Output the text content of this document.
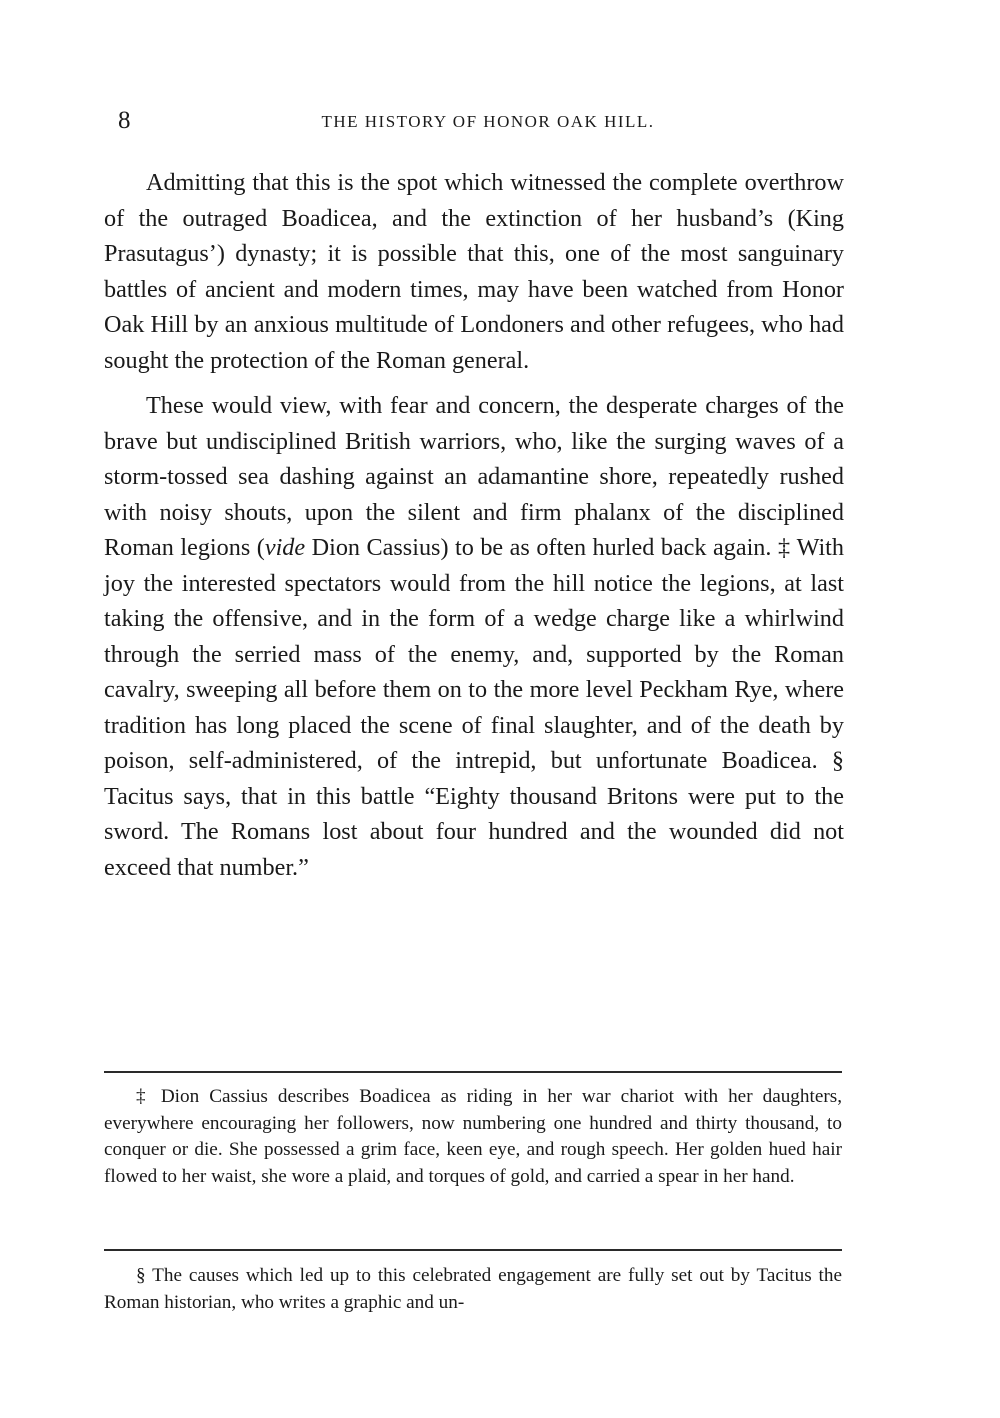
8	THE HISTORY OF HONOR OAK HILL.

Admitting that this is the spot which witnessed the complete overthrow of the outraged Boadicea, and the extinction of her husband’s (King Prasutagus’) dynasty; it is possible that this, one of the most sanguinary battles of ancient and modern times, may have been watched from Honor Oak Hill by an anxious multitude of Londoners and other refugees, who had sought the protection of the Roman general.

These would view, with fear and concern, the desperate charges of the brave but undisciplined British warriors, who, like the surging waves of a storm-tossed sea dashing against an adamantine shore, repeatedly rushed with noisy shouts, upon the silent and firm phalanx of the disciplined Roman legions (vide Dion Cassius) to be as often hurled back again. ‡ With joy the interested spectators would from the hill notice the legions, at last taking the offensive, and in the form of a wedge charge like a whirlwind through the serried mass of the enemy, and, supported by the Roman cavalry, sweeping all before them on to the more level Peckham Rye, where tradition has long placed the scene of final slaughter, and of the death by poison, self-administered, of the intrepid, but unfortunate Boadicea. § Tacitus says, that in this battle “Eighty thousand Britons were put to the sword. The Romans lost about four hundred and the wounded did not exceed that number.”

‡ Dion Cassius describes Boadicea as riding in her war chariot with her daughters, everywhere encouraging her followers, now numbering one hundred and thirty thousand, to conquer or die. She possessed a grim face, keen eye, and rough speech. Her golden hued hair flowed to her waist, she wore a plaid, and torques of gold, and carried a spear in her hand.

§ The causes which led up to this celebrated engagement are fully set out by Tacitus the Roman historian, who writes a graphic and un-
